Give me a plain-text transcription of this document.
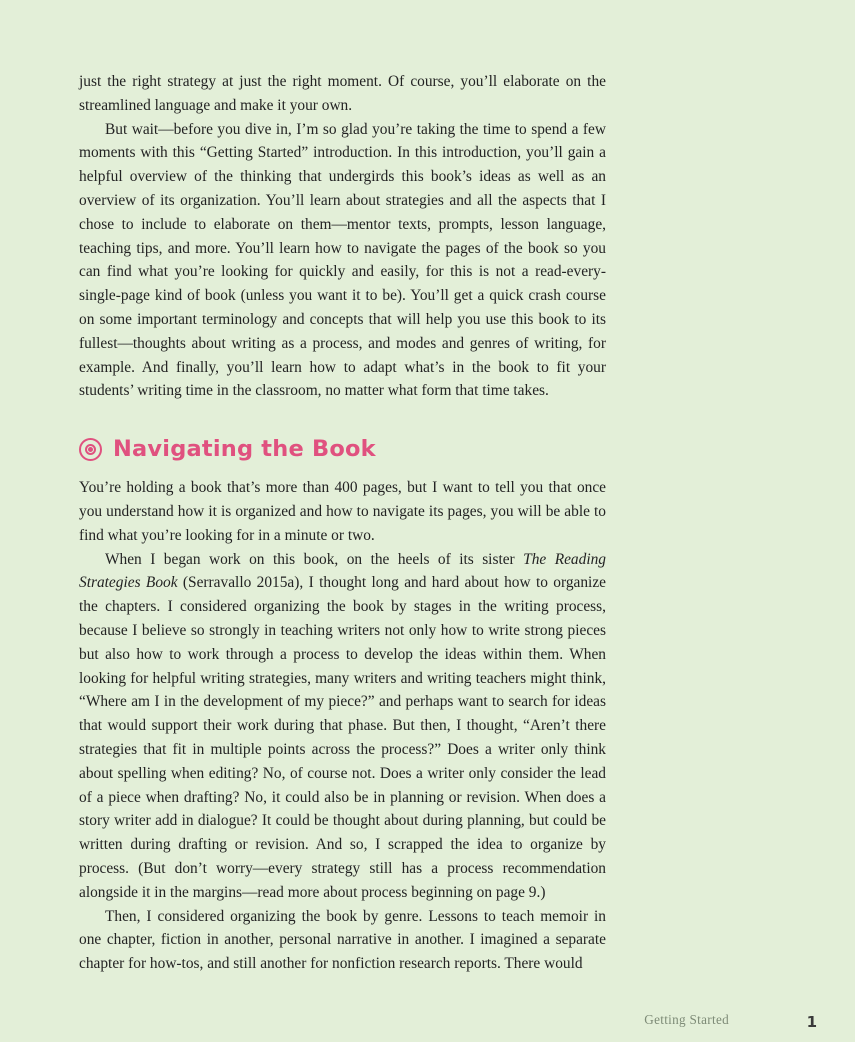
just the right strategy at just the right moment. Of course, you’ll elaborate on the streamlined language and make it your own.

But wait—before you dive in, I’m so glad you’re taking the time to spend a few moments with this “Getting Started” introduction. In this introduction, you’ll gain a helpful overview of the thinking that undergirds this book’s ideas as well as an overview of its organization. You’ll learn about strategies and all the aspects that I chose to include to elaborate on them—mentor texts, prompts, lesson language, teaching tips, and more. You’ll learn how to navigate the pages of the book so you can find what you’re looking for quickly and easily, for this is not a read-every-single-page kind of book (unless you want it to be). You’ll get a quick crash course on some important terminology and concepts that will help you use this book to its fullest—thoughts about writing as a process, and modes and genres of writing, for example. And finally, you’ll learn how to adapt what’s in the book to fit your students’ writing time in the classroom, no matter what form that time takes.

Navigating the Book

You’re holding a book that’s more than 400 pages, but I want to tell you that once you understand how it is organized and how to navigate its pages, you will be able to find what you’re looking for in a minute or two.

When I began work on this book, on the heels of its sister The Reading Strategies Book (Serravallo 2015a), I thought long and hard about how to organize the chapters. I considered organizing the book by stages in the writing process, because I believe so strongly in teaching writers not only how to write strong pieces but also how to work through a process to develop the ideas within them. When looking for helpful writing strategies, many writers and writing teachers might think, “Where am I in the development of my piece?” and perhaps want to search for ideas that would support their work during that phase. But then, I thought, “Aren’t there strategies that fit in multiple points across the process?” Does a writer only think about spelling when editing? No, of course not. Does a writer only consider the lead of a piece when drafting? No, it could also be in planning or revision. When does a story writer add in dialogue? It could be thought about during planning, but could be written during drafting or revision. And so, I scrapped the idea to organize by process. (But don’t worry—every strategy still has a process recommendation alongside it in the margins—read more about process beginning on page 9.)

Then, I considered organizing the book by genre. Lessons to teach memoir in one chapter, fiction in another, personal narrative in another. I imagined a separate chapter for how-tos, and still another for nonfiction research reports. There would

Getting Started	1
